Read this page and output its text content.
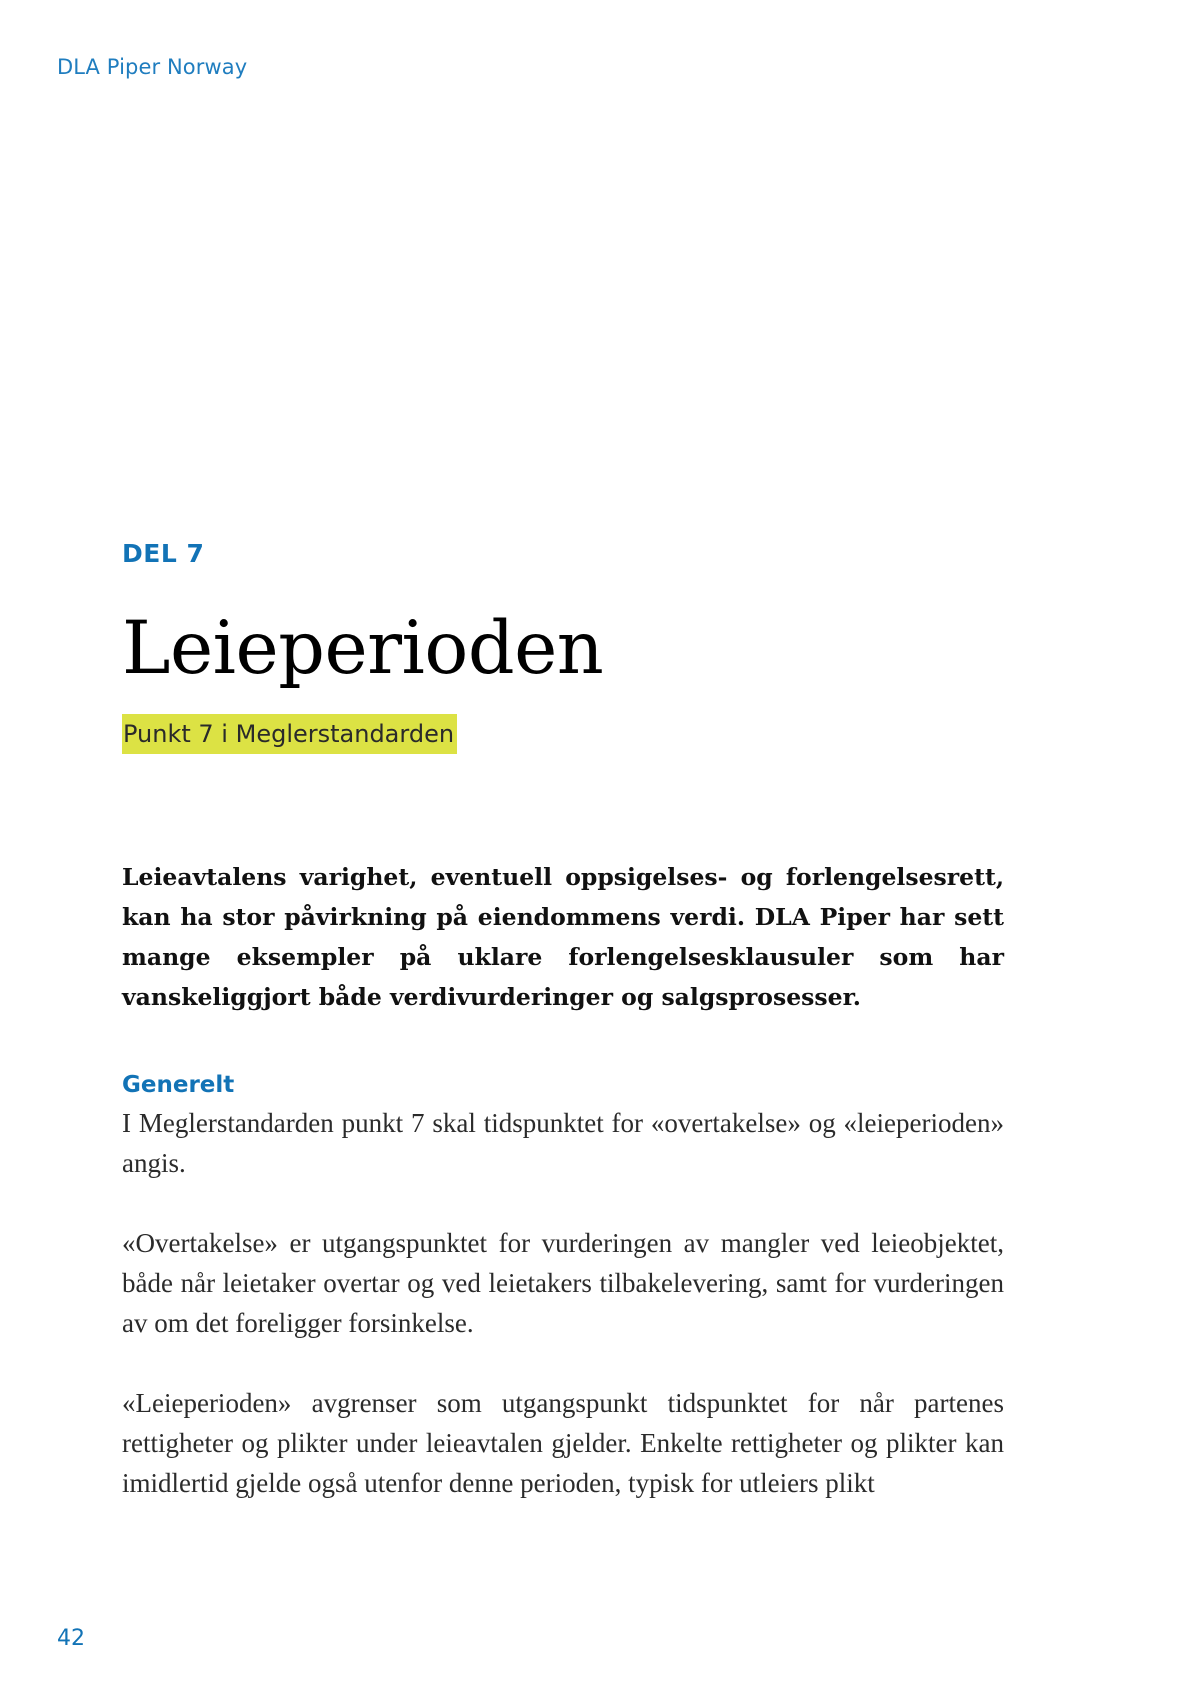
DLA Piper Norway
DEL 7
Leieperioden
Punkt 7 i Meglerstandarden

Leieavtalens varighet, eventuell oppsigelses- og forlengelsesrett, kan ha stor påvirkning på eiendommens verdi. DLA Piper har sett mange eksempler på uklare forlengelsesklausuler som har vanskeliggjort både verdivurderinger og salgsprosesser.

Generelt

I Meglerstandarden punkt 7 skal tidspunktet for «overtakelse» og «leieperioden» angis.

«Overtakelse» er utgangspunktet for vurderingen av mangler ved leieobjektet, både når leietaker overtar og ved leietakers tilbakelevering, samt for vurderingen av om det foreligger forsinkelse.

«Leieperioden» avgrenser som utgangspunkt tidspunktet for når partenes rettigheter og plikter under leieavtalen gjelder. Enkelte rettigheter og plikter kan imidlertid gjelde også utenfor denne perioden, typisk for utleiers plikt

42
